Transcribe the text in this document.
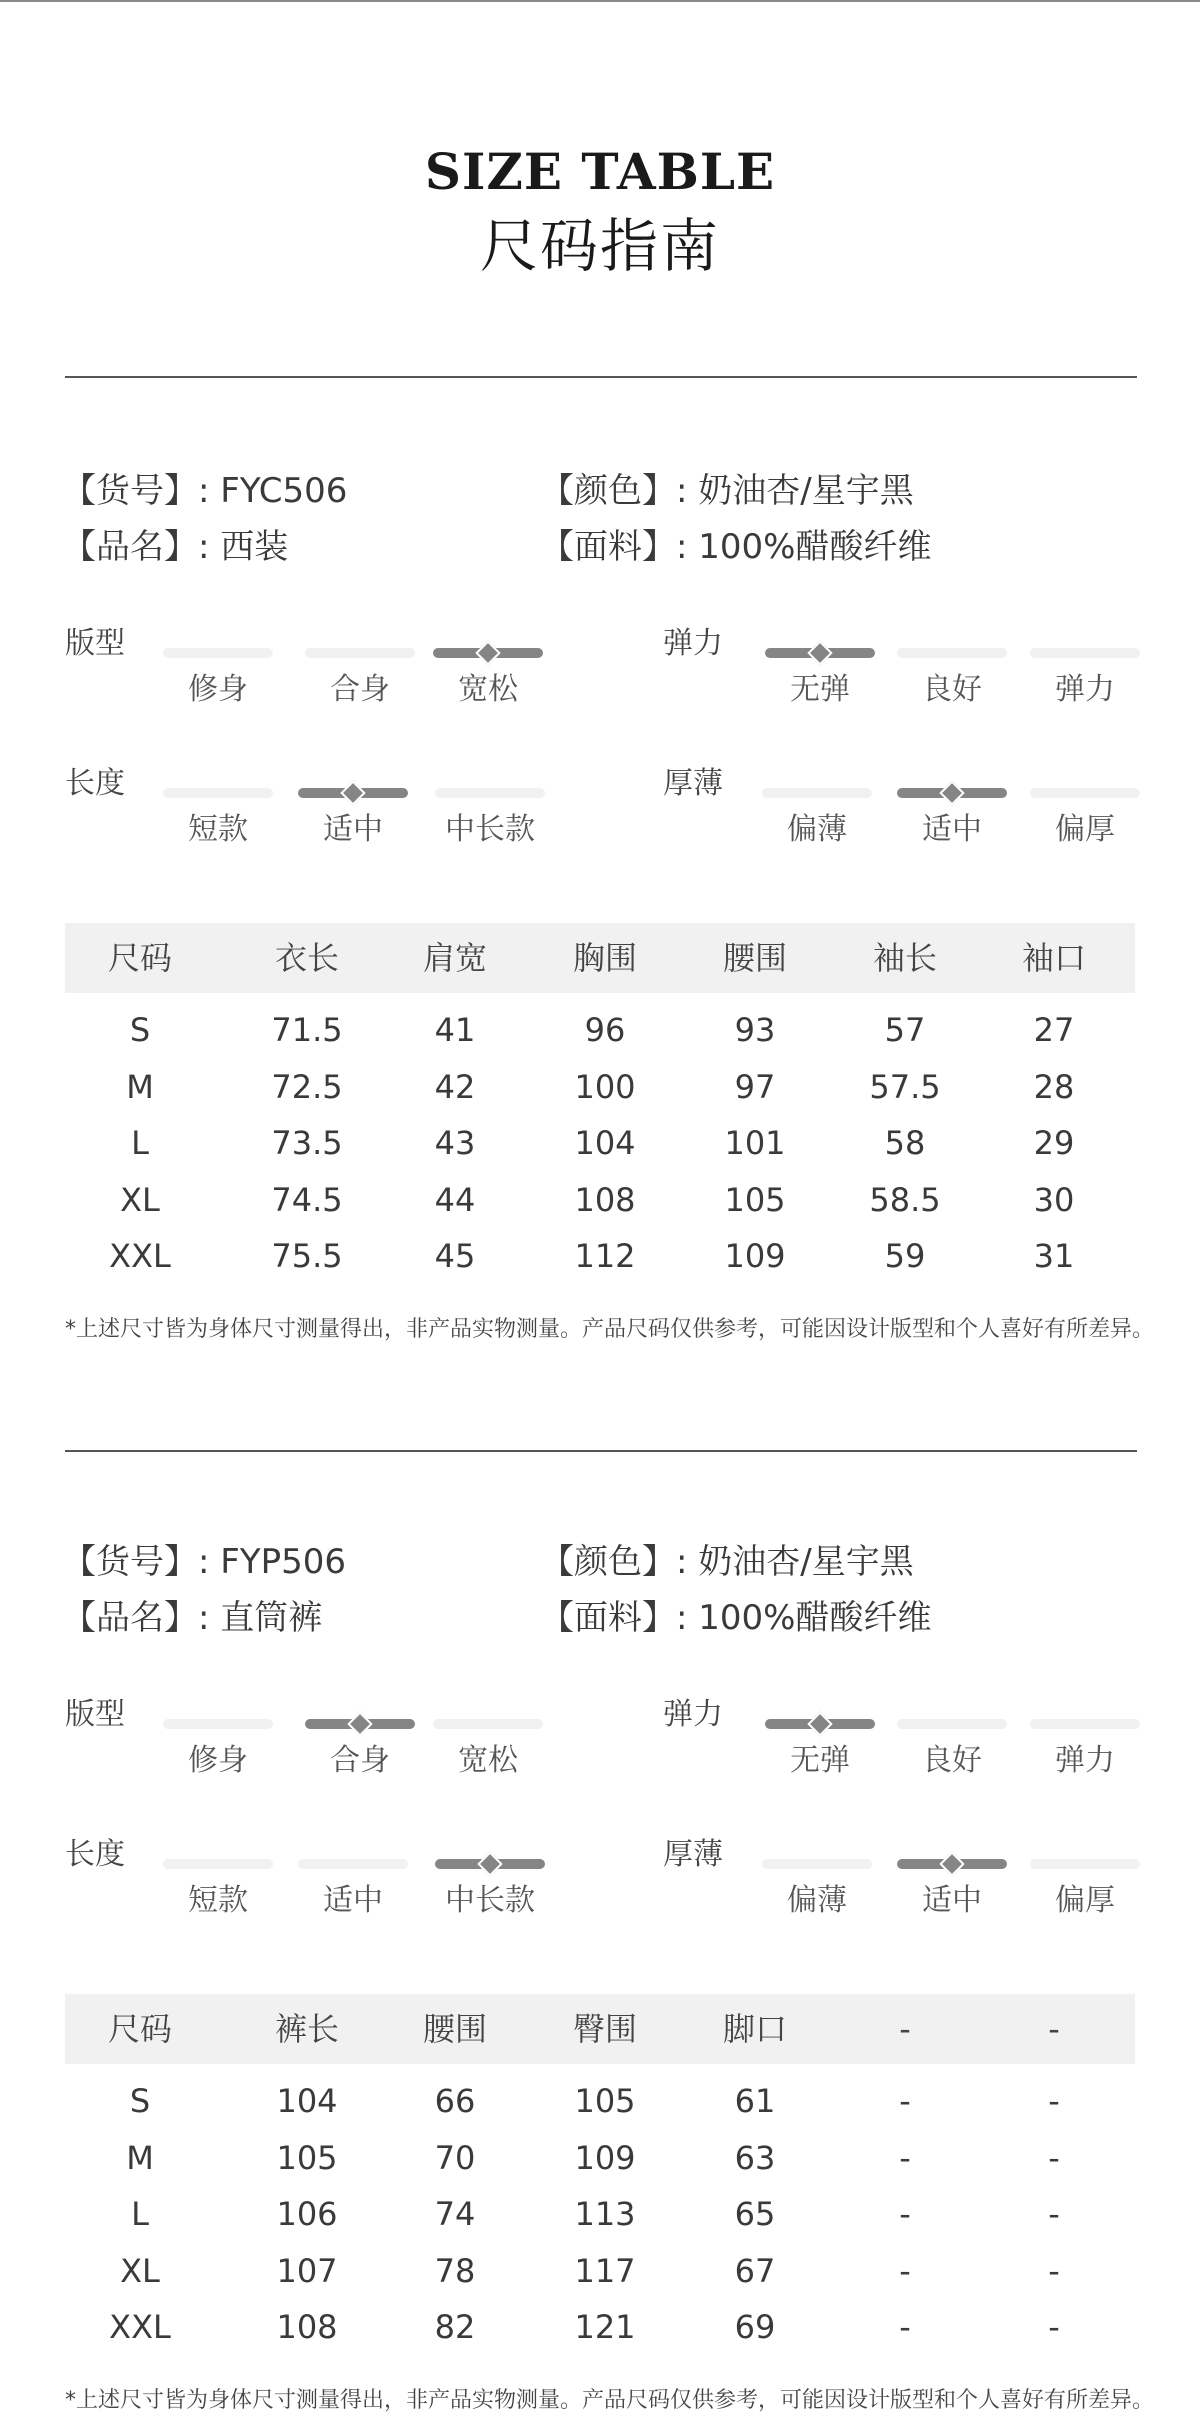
SIZE TABLE
尺码指南
【货号】: FYC506	【颜色】: 奶油杏/星宇黑
【品名】: 西装	【面料】: 100%醋酸纤维
版型
修身	合身	宽松
弹力
无弹	良好	弹力
长度
短款	适中	中长款
厚薄
偏薄	适中	偏厚
尺码	衣长	肩宽	胸围	腰围	袖长	袖口
S	71.5	41	96	93	57	27
M	72.5	42	100	97	57.5	28
L	73.5	43	104	101	58	29
XL	74.5	44	108	105	58.5	30
XXL	75.5	45	112	109	59	31
*上述尺寸皆为身体尺寸测量得出，非产品实物测量。产品尺码仅供参考，可能因设计版型和个人喜好有所差异。
【货号】: FYP506	【颜色】: 奶油杏/星宇黑
【品名】: 直筒裤	【面料】: 100%醋酸纤维
版型
修身	合身	宽松
弹力
无弹	良好	弹力
长度
短款	适中	中长款
厚薄
偏薄	适中	偏厚
尺码	裤长	腰围	臀围	脚口	-	-
S	104	66	105	61	-	-
M	105	70	109	63	-	-
L	106	74	113	65	-	-
XL	107	78	117	67	-	-
XXL	108	82	121	69	-	-
*上述尺寸皆为身体尺寸测量得出，非产品实物测量。产品尺码仅供参考，可能因设计版型和个人喜好有所差异。
